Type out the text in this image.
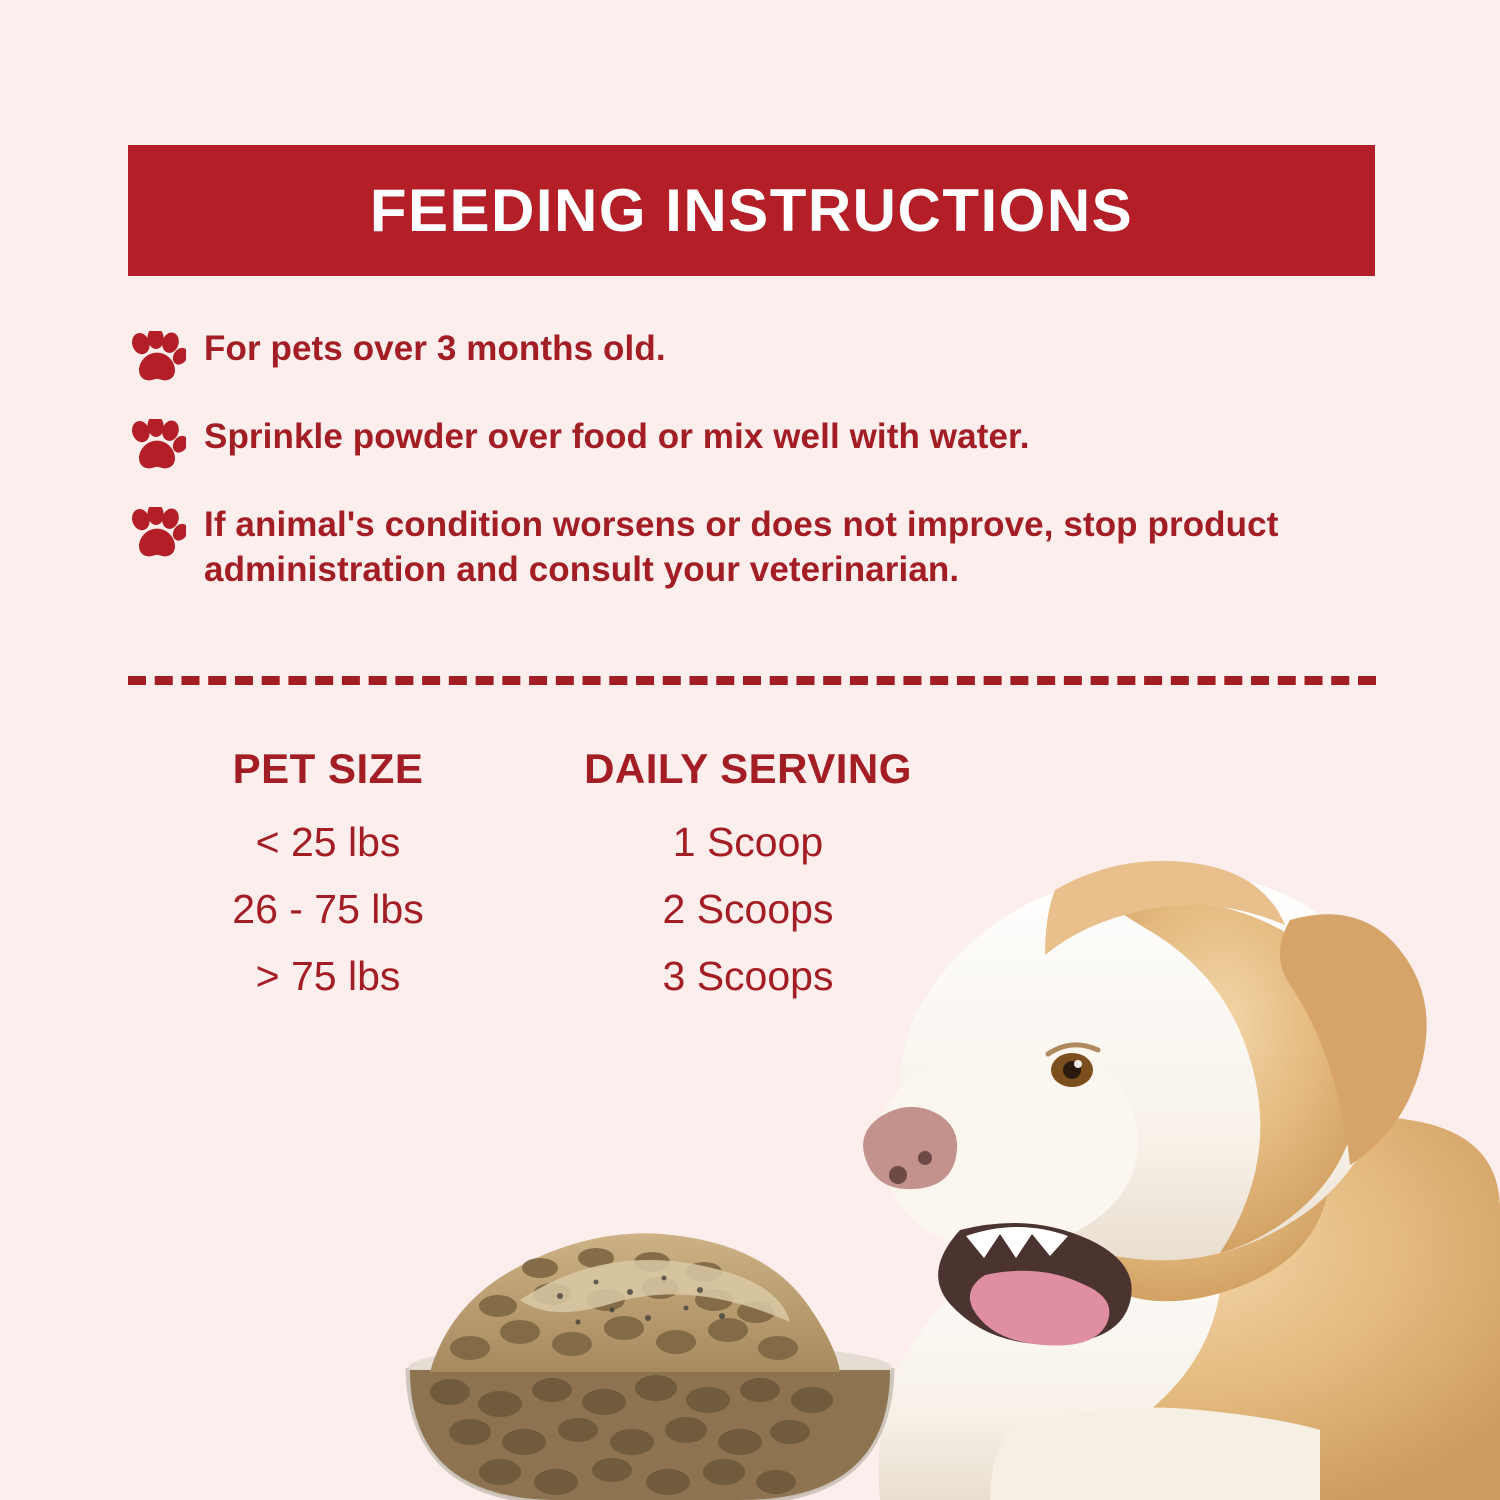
FEEDING INSTRUCTIONS
For pets over 3 months old.
Sprinkle powder over food or mix well with water.
If animal's condition worsens or does not improve, stop product administration and consult your veterinarian.
PET SIZE	DAILY SERVING
< 25 lbs	1 Scoop
26 - 75 lbs	2 Scoops
> 75 lbs	3 Scoops
